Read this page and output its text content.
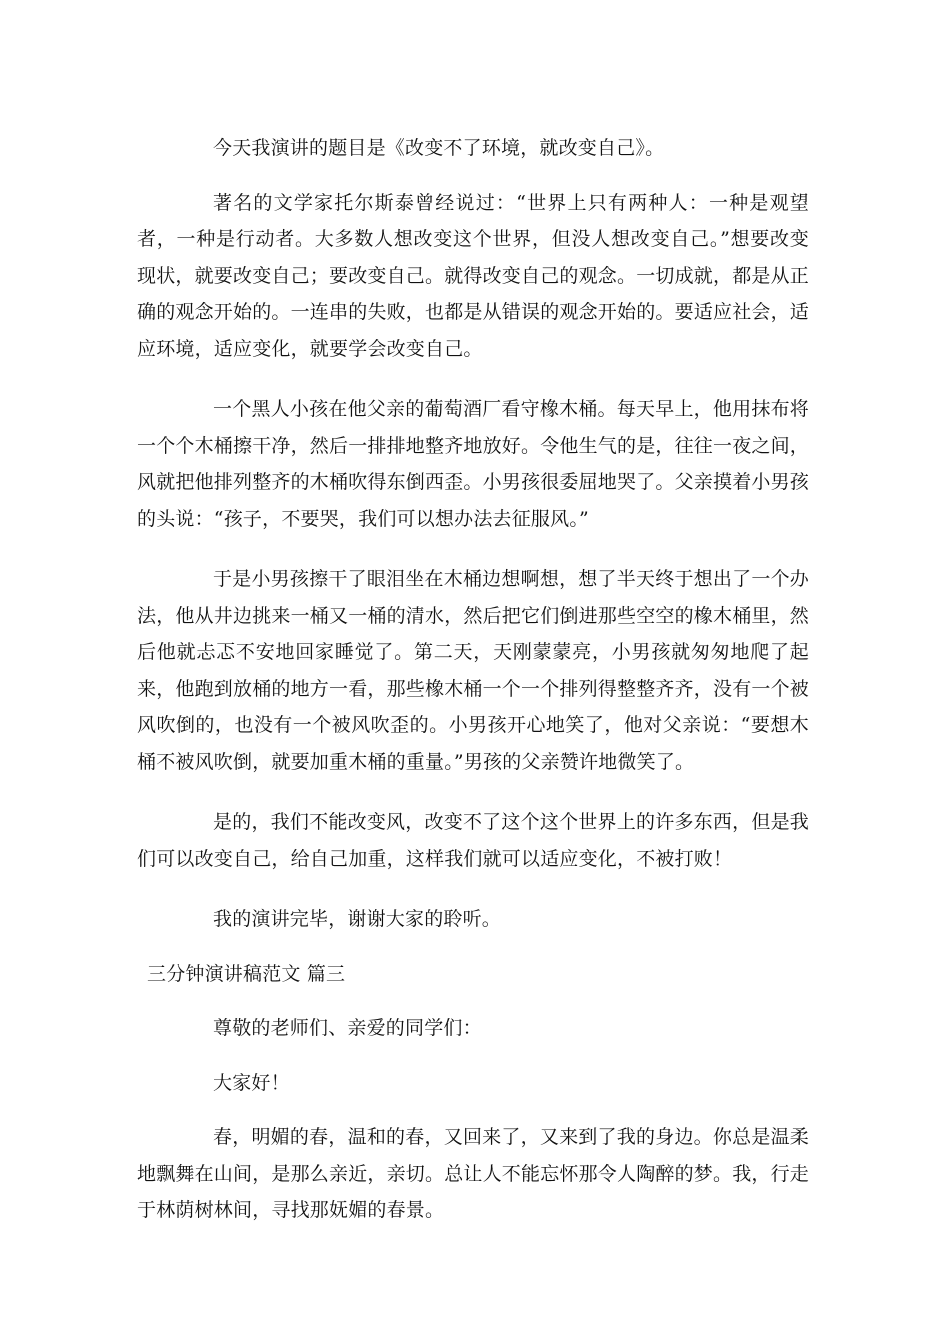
今天我演讲的题目是《改变不了环境，就改变自己》。

著名的文学家托尔斯泰曾经说过：“世界上只有两种人：一种是观望者，一种是行动者。大多数人想改变这个世界，但没人想改变自己。”想要改变现状，就要改变自己；要改变自己。就得改变自己的观念。一切成就，都是从正确的观念开始的。一连串的失败，也都是从错误的观念开始的。要适应社会，适应环境，适应变化，就要学会改变自己。

一个黑人小孩在他父亲的葡萄酒厂看守橡木桶。每天早上，他用抹布将一个个木桶擦干净，然后一排排地整齐地放好。令他生气的是，往往一夜之间，风就把他排列整齐的木桶吹得东倒西歪。小男孩很委屈地哭了。父亲摸着小男孩的头说：“孩子，不要哭，我们可以想办法去征服风。”

于是小男孩擦干了眼泪坐在木桶边想啊想，想了半天终于想出了一个办法，他从井边挑来一桶又一桶的清水，然后把它们倒进那些空空的橡木桶里，然后他就忐忑不安地回家睡觉了。第二天，天刚蒙蒙亮，小男孩就匆匆地爬了起来，他跑到放桶的地方一看，那些橡木桶一个一个排列得整整齐齐，没有一个被风吹倒的，也没有一个被风吹歪的。小男孩开心地笑了，他对父亲说：“要想木桶不被风吹倒，就要加重木桶的重量。”男孩的父亲赞许地微笑了。

是的，我们不能改变风，改变不了这个这个世界上的许多东西，但是我们可以改变自己，给自己加重，这样我们就可以适应变化，不被打败！

我的演讲完毕，谢谢大家的聆听。

三分钟演讲稿范文 篇三

尊敬的老师们、亲爱的同学们：

大家好！

春，明媚的春，温和的春，又回来了，又来到了我的身边。你总是温柔地飘舞在山间，是那么亲近，亲切。总让人不能忘怀那令人陶醉的梦。我，行走于林荫树林间，寻找那妩媚的春景。
